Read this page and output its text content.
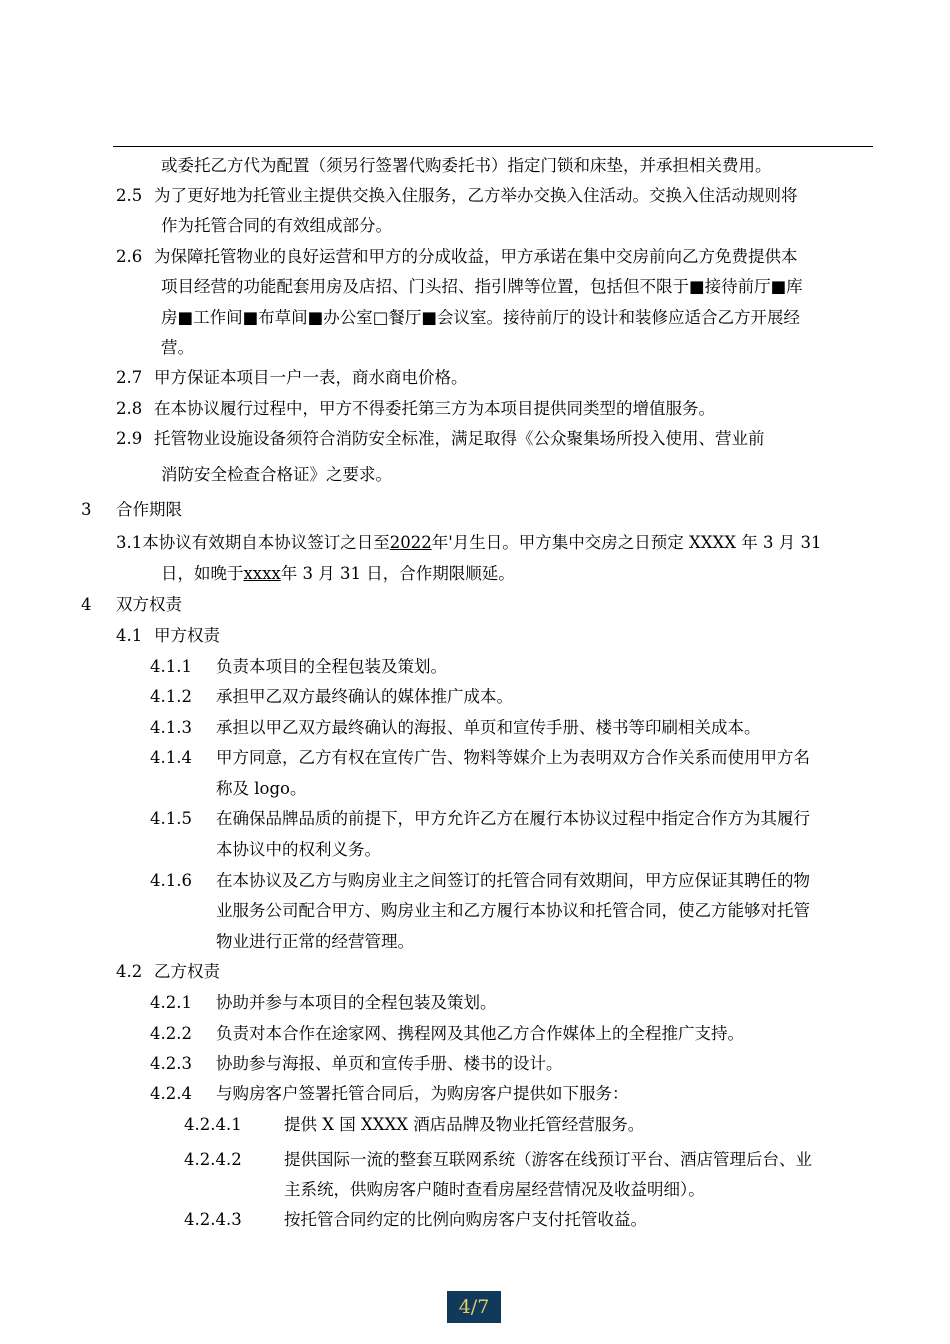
或委托乙方代为配置（须另行签署代购委托书）指定门锁和床垫，并承担相关费用。
2.5 为了更好地为托管业主提供交换入住服务，乙方举办交换入住活动。交换入住活动规则将
作为托管合同的有效组成部分。
2.6 为保障托管物业的良好运营和甲方的分成收益，甲方承诺在集中交房前向乙方免费提供本
项目经营的功能配套用房及店招、门头招、指引牌等位置，包括但不限于■接待前厅■库
房■工作间■布草间■办公室□餐厅■会议室。接待前厅的设计和装修应适合乙方开展经
营。
2.7 甲方保证本项目一户一表，商水商电价格。
2.8 在本协议履行过程中，甲方不得委托第三方为本项目提供同类型的增值服务。
2.9 托管物业设施设备须符合消防安全标准，满足取得《公众聚集场所投入使用、营业前
消防安全检查合格证》之要求。
3 合作期限
3.1本协议有效期自本协议签订之日至2022年'月生日。甲方集中交房之日预定 XXXX 年 3 月 31
日，如晚于xxxx年 3 月 31 日，合作期限顺延。
4 双方权责
4.1 甲方权责
4.1.1 负责本项目的全程包装及策划。
4.1.2 承担甲乙双方最终确认的媒体推广成本。
4.1.3 承担以甲乙双方最终确认的海报、单页和宣传手册、楼书等印刷相关成本。
4.1.4 甲方同意，乙方有权在宣传广告、物料等媒介上为表明双方合作关系而使用甲方名
称及 logo。
4.1.5 在确保品牌品质的前提下，甲方允许乙方在履行本协议过程中指定合作方为其履行
本协议中的权利义务。
4.1.6 在本协议及乙方与购房业主之间签订的托管合同有效期间，甲方应保证其聘任的物
业服务公司配合甲方、购房业主和乙方履行本协议和托管合同，使乙方能够对托管
物业进行正常的经营管理。
4.2 乙方权责
4.2.1 协助并参与本项目的全程包装及策划。
4.2.2 负责对本合作在途家网、携程网及其他乙方合作媒体上的全程推广支持。
4.2.3 协助参与海报、单页和宣传手册、楼书的设计。
4.2.4 与购房客户签署托管合同后，为购房客户提供如下服务：
4.2.4.1	提供 X 国 XXXX 酒店品牌及物业托管经营服务。
4.2.4.2	提供国际一流的整套互联网系统（游客在线预订平台、酒店管理后台、业
主系统，供购房客户随时查看房屋经营情况及收益明细）。
4.2.4.3	按托管合同约定的比例向购房客户支付托管收益。
4/7
